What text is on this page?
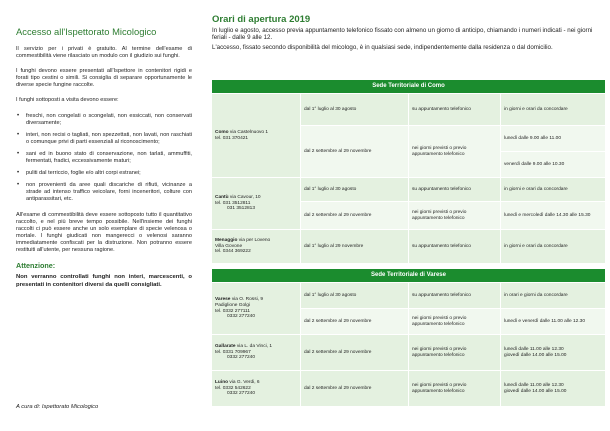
Accesso all'Ispettorato Micologico

Il servizio per i privati è gratuito. Al termine dell'esame di commestibilità viene rilasciato un modulo con il giudizio sui funghi.

I funghi devono essere presentati all'Ispettore in contenitori rigidi e forati tipo cestini o simili. Si consiglia di separare opportunamente le diverse specie fungine raccolte.

I funghi sottoposti a visita devono essere:

• freschi, non congelati o scongelati, non essiccati, non conservati diversamente;
• interi, non recisi o tagliati, non spezzettati, non lavati, non raschiati o comunque privi di parti essenziali al riconoscimento;
• sani ed in buono stato di conservazione, non tarlati, ammuffiti, fermentati, fradici, eccessivamente maturi;
• puliti dal terriccio, foglie e/o altri corpi estranei;
• non provenienti da aree quali discariche di rifiuti, vicinanze a strade ad intenso traffico veicolare, forni inceneritori, colture con antiparassitari, etc.

All'esame di commestibilità deve essere sottoposto tutto il quantitativo raccolto, e nel più breve tempo possibile. Nell'insieme dei funghi raccolti ci può essere anche un solo esemplare di specie velenosa o mortale. I funghi giudicati non mangerecci o velenosi saranno immediatamente confiscati per la distruzione. Non potranno essere restituiti all'utente, per nessuna ragione.

Attenzione:

Non verranno controllati funghi non interi, marcescenti, o presentati in contenitori diversi da quelli consigliati.

A cura di: Ispettorato Micologico
Orari di apertura 2019

In luglio e agosto, accesso previa appuntamento telefonico fissato con almeno un giorno di anticipo, chiamando i numeri indicati - nei giorni feriali - dalle 9 alle 12.

L'accesso, fissato secondo disponibilità del micologo, è in qualsiasi sede, indipendentemente dalla residenza o dal domicilio.

Sede Territoriale di Como			
Como via Castelnuovo 1
tel. 031 370421	dal 1° luglio al 30 agosto	su appuntamento telefonico	in giorni e orari da concordare
	dal 2 settembre al 29 novembre	nei giorni previsti o previo appuntamento telefonico	lunedì dalle 9.00 alle 11.00
			venerdì dalle 9.00 alle 10.30
Cantù via Cavour, 10
tel. 031 3512811
031 3512813	dal 1° luglio al 30 agosto	su appuntamento telefonico	in giorni e orari da concordare
	dal 2 settembre al 29 novembre	nei giorni previsti o previo appuntamento telefonico	lunedì e mercoledì dalle 14.30 alle 15.30
Menaggio via per Loveno
Villa Govone
tel. 0344 369222	dal 1° luglio al 29 novembre	su appuntamento telefonico	in giorni e orari da concordare
Sede Territoriale di Varese			
Varese via O. Rossi, 9
Padiglione Golgi
tel. 0332 277111
0332 277240	dal 1° luglio al 30 agosto	su appuntamento telefonico	in orari e giorni da concordare
	dal 2 settembre al 29 novembre	nei giorni previsti o previo appuntamento telefonico	lunedì e venerdì dalle 11.00 alle 12.30
Gallarate via L. da Vinci, 1
tel. 0331 709967
0332 277240	dal 2 settembre al 29 novembre	nei giorni previsti o previo appuntamento telefonico	lunedì dalle 11.00 alle 12.30
giovedì dalle 14.00 alle 15.00
Luino via G. Verdi, 6
tel. 0332 542622
0332 277240	dal 2 settembre al 29 novembre	nei giorni previsti o previo appuntamento telefonico	lunedì dalle 11.00 alle 12.30
giovedì dalle 14.00 alle 15.00
